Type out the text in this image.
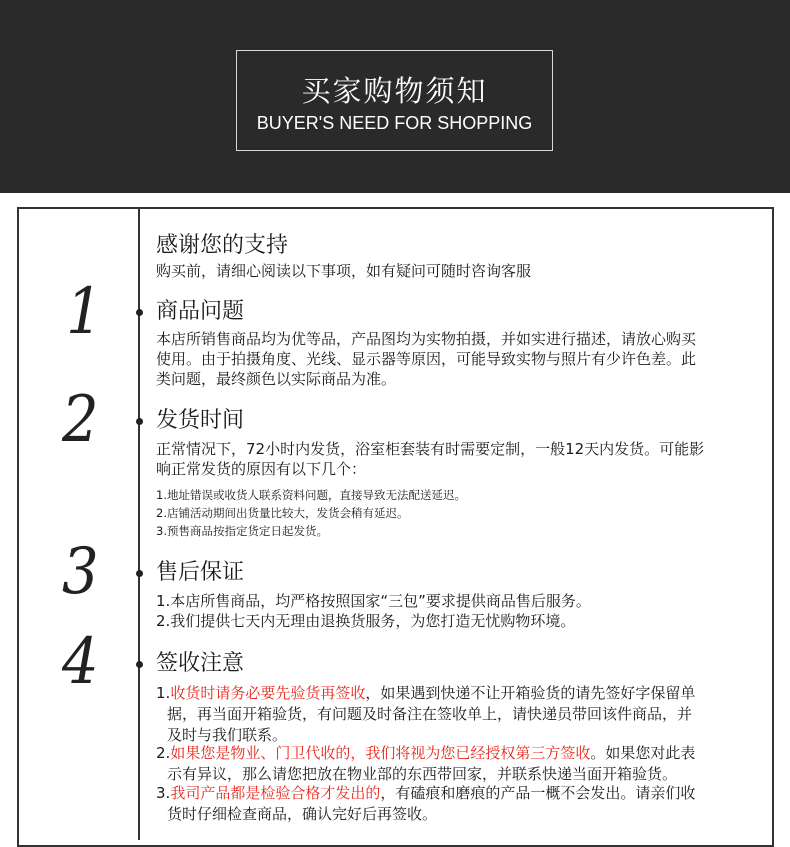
买家购物须知
BUYER'S NEED FOR SHOPPING
感谢您的支持
购买前，请细心阅读以下事项，如有疑问可随时咨询客服
1 商品问题
本店所销售商品均为优等品，产品图均为实物拍摄，并如实进行描述，请放心购买
使用。由于拍摄角度、光线、显示器等原因，可能导致实物与照片有少许色差。此
类问题，最终颜色以实际商品为准。
2	发货时间
正常情况下，72小时内发货，浴室柜套装有时需要定制，一般12天内发货。可能影
响正常发货的原因有以下几个：
1.地址错误或收货人联系资料问题，直接导致无法配送延迟。
2.店铺活动期间出货量比较大，发货会稍有延迟。
3.预售商品按指定货定日起发货。
3	售后保证
1.本店所售商品，均严格按照国家“三包”要求提供商品售后服务。
2.我们提供七天内无理由退换货服务，为您打造无忧购物环境。
4	签收注意
1.收货时请务必要先验货再签收，如果遇到快递不让开箱验货的请先签好字保留单
据，再当面开箱验货，有问题及时备注在签收单上，请快递员带回该件商品，并
及时与我们联系。
2.如果您是物业、门卫代收的，我们将视为您已经授权第三方签收。如果您对此表
示有异议，那么请您把放在物业部的东西带回家，并联系快递当面开箱验货。
3.我司产品都是检验合格才发出的，有磕痕和磨痕的产品一概不会发出。请亲们收
货时仔细检查商品，确认完好后再签收。
